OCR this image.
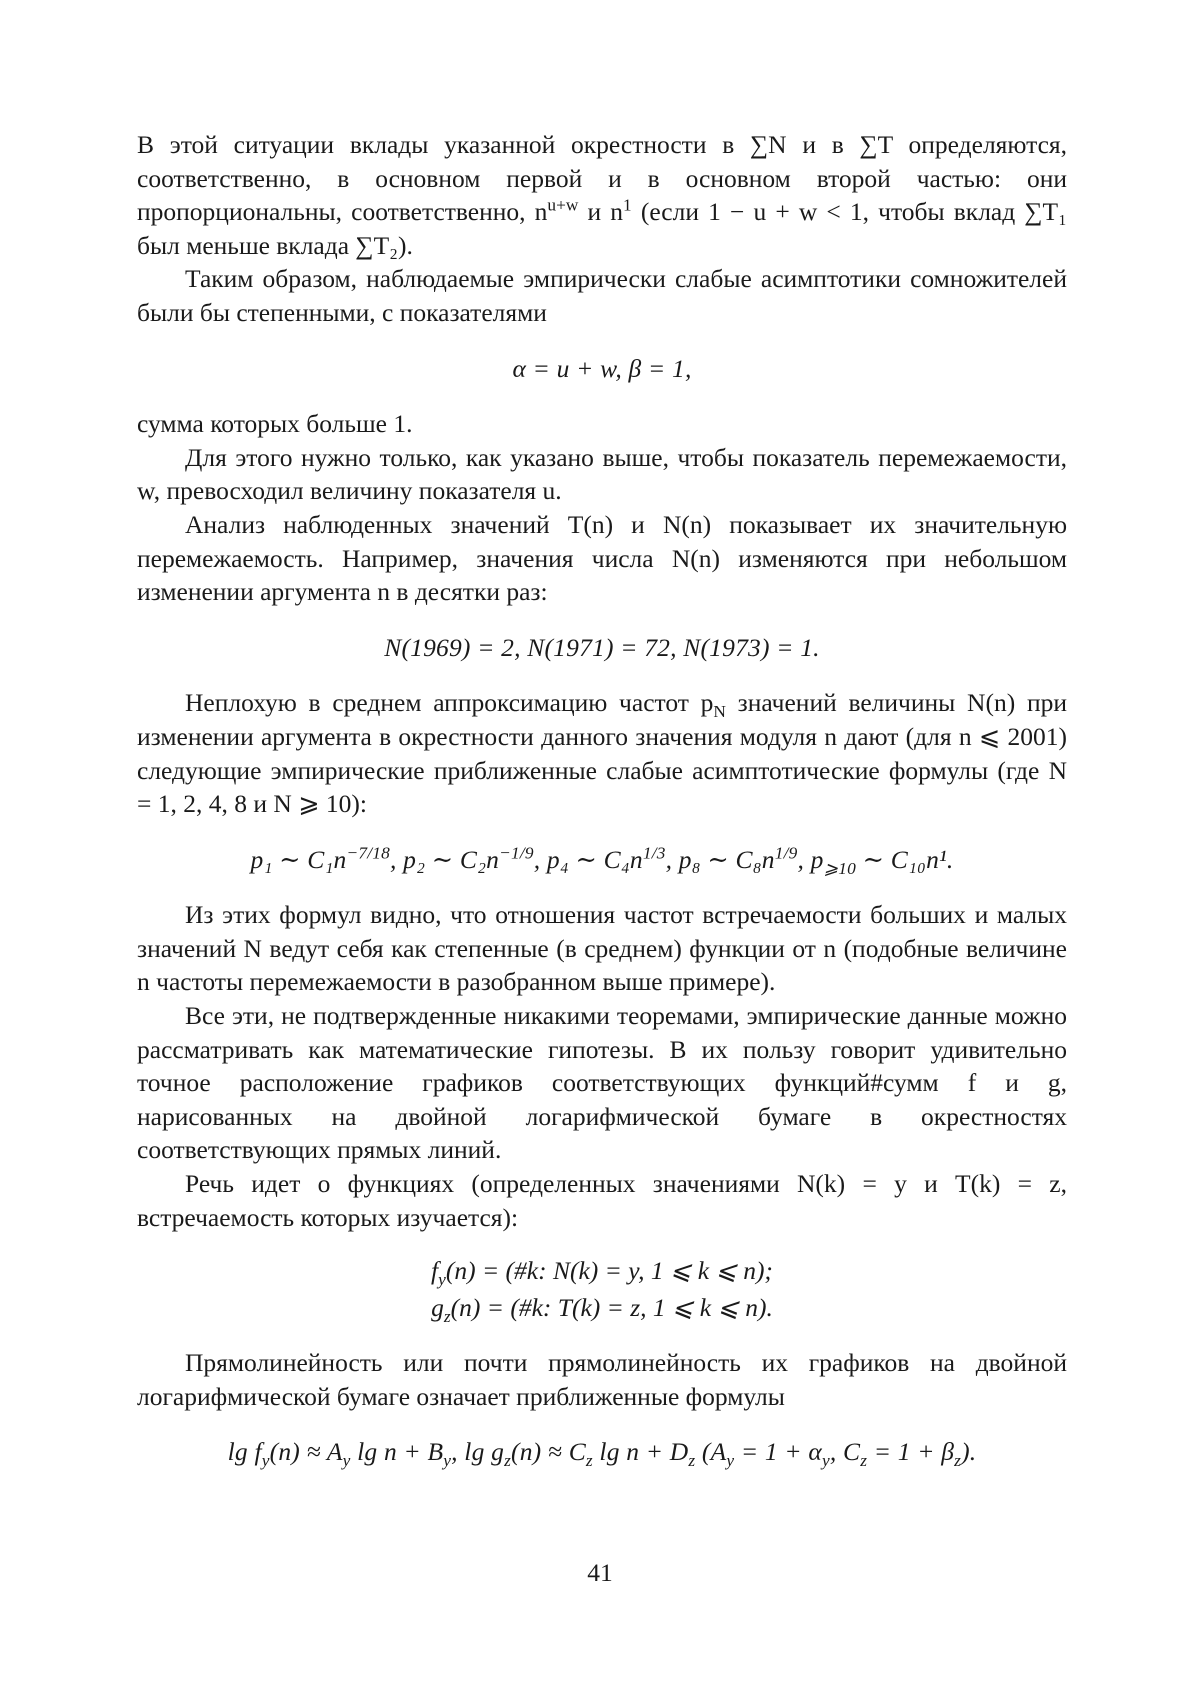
В этой ситуации вклады указанной окрестности в ∑N и в ∑T определяются, соответственно, в основном первой и в основном второй частью: они пропорциональны, соответственно, $n^{u+w}$ и $n^1$ (если 1 − u + w < 1, чтобы вклад ∑T₁ был меньше вклада ∑T₂).

Таким образом, наблюдаемые эмпирически слабые асимптотики сомножителей были бы степенными, с показателями

α = u + w, β = 1,

сумма которых больше 1.

Для этого нужно только, как указано выше, чтобы показатель перемежаемости, w, превосходил величину показателя u.

Анализ наблюденных значений T(n) и N(n) показывает их значительную перемежаемость. Например, значения числа N(n) изменяются при небольшом изменении аргумента n в десятки раз:

N(1969) = 2, N(1971) = 72, N(1973) = 1.

Неплохую в среднем аппроксимацию частот $p_N$ значений величины N(n) при изменении аргумента в окрестности данного значения модуля n дают (для n ⩽ 2001) следующие эмпирические приближенные слабые асимптотические формулы (где N = 1, 2, 4, 8 и N ⩾ 10):

p₁ ∼ $C_1n^{-7/18}$, p₂ ∼ $C_2n^{-1/9}$, p₄ ∼ $C_4n^{1/3}$, p₈ ∼ $C_8n^{1/9}$, $p_{⩾10}$ ∼ C₁₀n¹.

Из этих формул видно, что отношения частот встречаемости больших и малых значений N ведут себя как степенные (в среднем) функции от n (подобные величине n частоты перемежаемости в разобранном выше примере).

Все эти, не подтвержденные никакими теоремами, эмпирические данные можно рассматривать как математические гипотезы. В их пользу говорит удивительно точное расположение графиков соответствующих функций#сумм f и g, нарисованных на двойной логарифмической бумаге в окрестностях соответствующих прямых линий.

Речь идет о функциях (определенных значениями N(k) = y и T(k) = z, встречаемость которых изучается):

$f_y(n)$ = (#k: N(k) = y, 1 ⩽ k ⩽ n);
$g_z(n)$ = (#k: T(k) = z, 1 ⩽ k ⩽ n).

Прямолинейность или почти прямолинейность их графиков на двойной логарифмической бумаге означает приближенные формулы

$\lg f_y(n) \approx A_y$ $\lg n + B_y$, $\lg g_z(n) \approx C_z$ $\lg n + D_z$ ($A_y = 1 + \alpha_y$, $C_z = 1 + \beta_z$).
41
